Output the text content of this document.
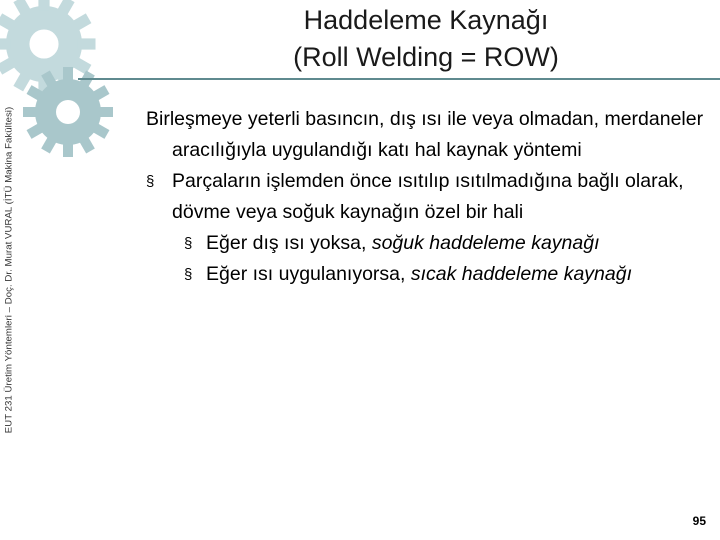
EUT 231 Üretim Yöntemleri – Doç. Dr. Murat VURAL (İTÜ Makina Fakültesi)
Haddeleme Kaynağı
(Roll Welding = ROW)

Birleşmeye yeterli basıncın, dış ısı ile veya olmadan, merdaneler aracılığıyla uygulandığı katı hal kaynak yöntemi

§ Parçaların işlemden önce ısıtılıp ısıtılmadığına bağlı olarak, dövme veya soğuk kaynağın özel bir hali
§ Eğer dış ısı yoksa, soğuk haddeleme kaynağı
§ Eğer ısı uygulanıyorsa, sıcak haddeleme kaynağı
95
